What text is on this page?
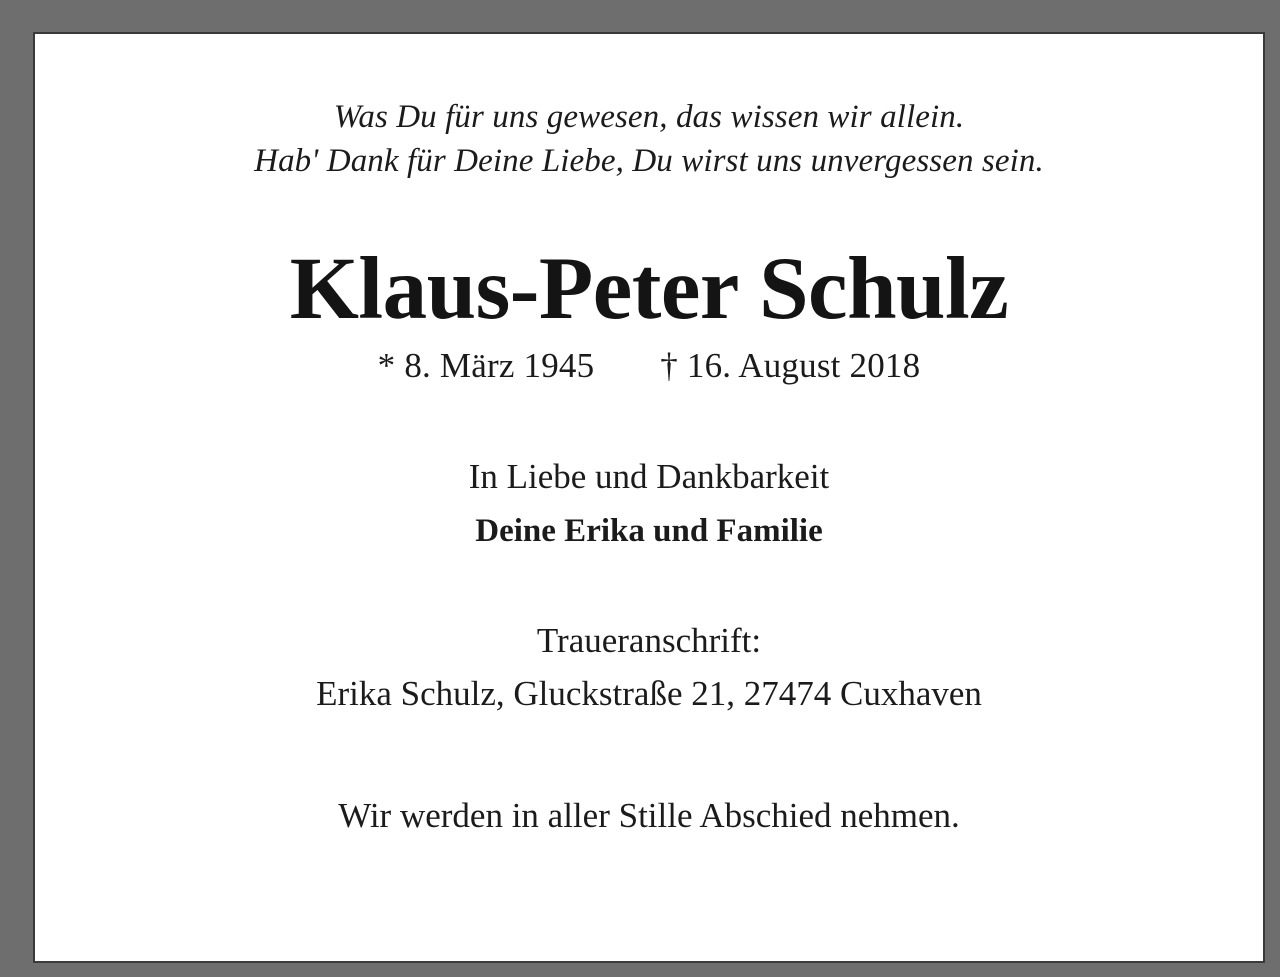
Was Du für uns gewesen, das wissen wir allein.
Hab' Dank für Deine Liebe, Du wirst uns unvergessen sein.
Klaus-Peter Schulz
* 8. März 1945 † 16. August 2018
In Liebe und Dankbarkeit
Deine Erika und Familie
Traueranschrift:
Erika Schulz, Gluckstraße 21, 27474 Cuxhaven
Wir werden in aller Stille Abschied nehmen.
